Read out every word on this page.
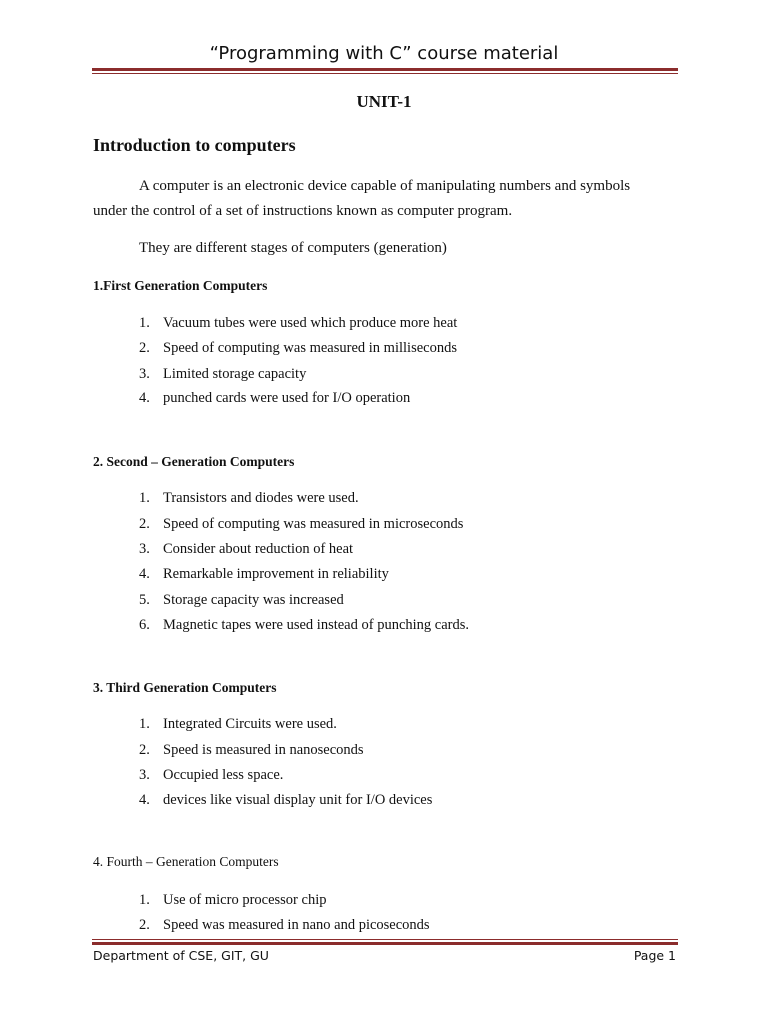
“Programming with C” course material
UNIT-1
Introduction to computers
A computer is an electronic device capable of manipulating numbers and symbols
under the control of a set of instructions known as computer program.
They are different stages of computers (generation)
1.First Generation Computers
1. Vacuum tubes were used which produce more heat
2. Speed of computing was measured in milliseconds
3. Limited storage capacity
4. punched cards were used for I/O operation
2. Second – Generation Computers
1. Transistors and diodes were used.
2. Speed of computing was measured in microseconds
3. Consider about reduction of heat
4. Remarkable improvement in reliability
5. Storage capacity was increased
6. Magnetic tapes were used instead of punching cards.
3. Third Generation Computers
1. Integrated Circuits were used.
2. Speed is measured in nanoseconds
3. Occupied less space.
4. devices like visual display unit for I/O devices
4. Fourth – Generation Computers
1. Use of micro processor chip
2. Speed was measured in nano and picoseconds
Department of CSE, GIT, GU	Page 1
